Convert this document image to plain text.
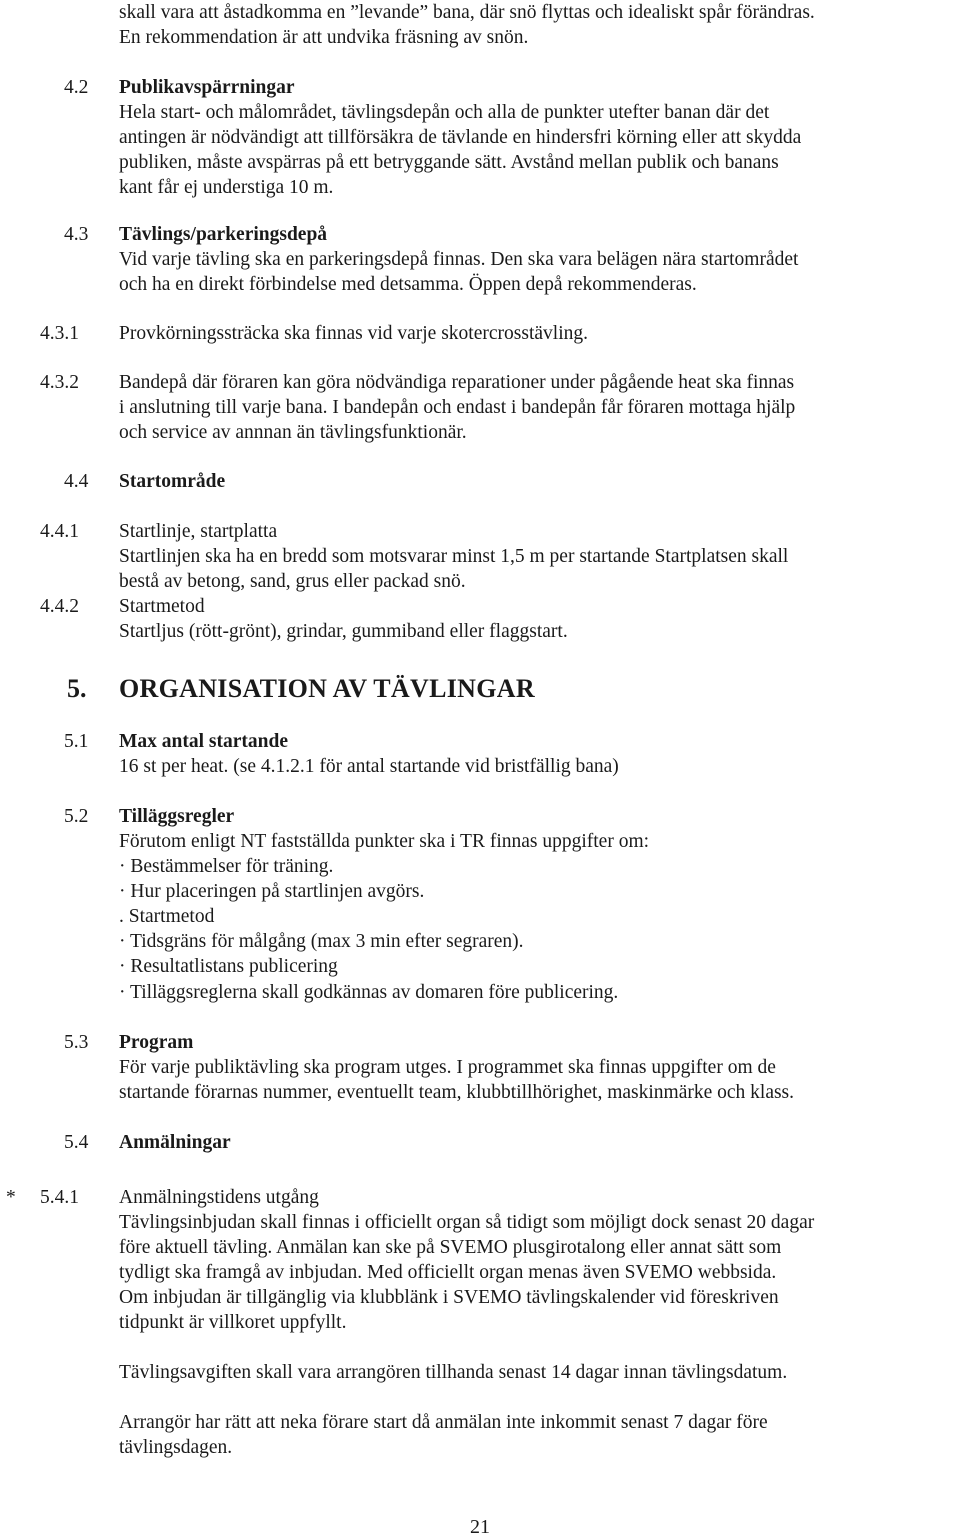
skall vara att åstadkomma en ”levande” bana, där snö flyttas och idealiskt spår förändras.
En rekommendation är att undvika fräsning av snön.
4.2 Publikavspärrningar
Hela start- och målområdet, tävlingsdepån och alla de punkter utefter banan där det
antingen är nödvändigt att tillförsäkra de tävlande en hindersfri körning eller att skydda
publiken, måste avspärras på ett betryggande sätt. Avstånd mellan publik och banans
kant får ej understiga 10 m.
4.3 Tävlings/parkeringsdepå
Vid varje tävling ska en parkeringsdepå finnas. Den ska vara belägen nära startområdet
och ha en direkt förbindelse med detsamma. Öppen depå rekommenderas.
4.3.1 Provkörningssträcka ska finnas vid varje skotercrosstävling.
4.3.2 Bandepå där föraren kan göra nödvändiga reparationer under pågående heat ska finnas
i anslutning till varje bana. I bandepån och endast i bandepån får föraren mottaga hjälp
och service av annnan än tävlingsfunktionär.
4.4 Startområde
4.4.1 Startlinje, startplatta
Startlinjen ska ha en bredd som motsvarar minst 1,5 m per startande Startplatsen skall
bestå av betong, sand, grus eller packad snö.
4.4.2 Startmetod
Startljus (rött-grönt), grindar, gummiband eller flaggstart.
5. ORGANISATION AV TÄVLINGAR
5.1 Max antal startande
16 st per heat. (se 4.1.2.1 för antal startande vid bristfällig bana)
5.2 Tilläggsregler
Förutom enligt NT fastställda punkter ska i TR finnas uppgifter om:
· Bestämmelser för träning.
· Hur placeringen på startlinjen avgörs.
. Startmetod
· Tidsgräns för målgång (max 3 min efter segraren).
· Resultatlistans publicering
· Tilläggsreglerna skall godkännas av domaren före publicering.
5.3 Program
För varje publiktävling ska program utges. I programmet ska finnas uppgifter om de
startande förarnas nummer, eventuellt team, klubbtillhörighet, maskinmärke och klass.
5.4 Anmälningar
* 5.4.1 Anmälningstidens utgång
Tävlingsinbjudan skall finnas i officiellt organ så tidigt som möjligt dock senast 20 dagar
före aktuell tävling. Anmälan kan ske på SVEMO plusgirotalong eller annat sätt som
tydligt ska framgå av inbjudan. Med officiellt organ menas även SVEMO webbsida.
Om inbjudan är tillgänglig via klubblänk i SVEMO tävlingskalender vid föreskriven
tidpunkt är villkoret uppfyllt.
Tävlingsavgiften skall vara arrangören tillhanda senast 14 dagar innan tävlingsdatum.
Arrangör har rätt att neka förare start då anmälan inte inkommit senast 7 dagar före
tävlingsdagen.
21
